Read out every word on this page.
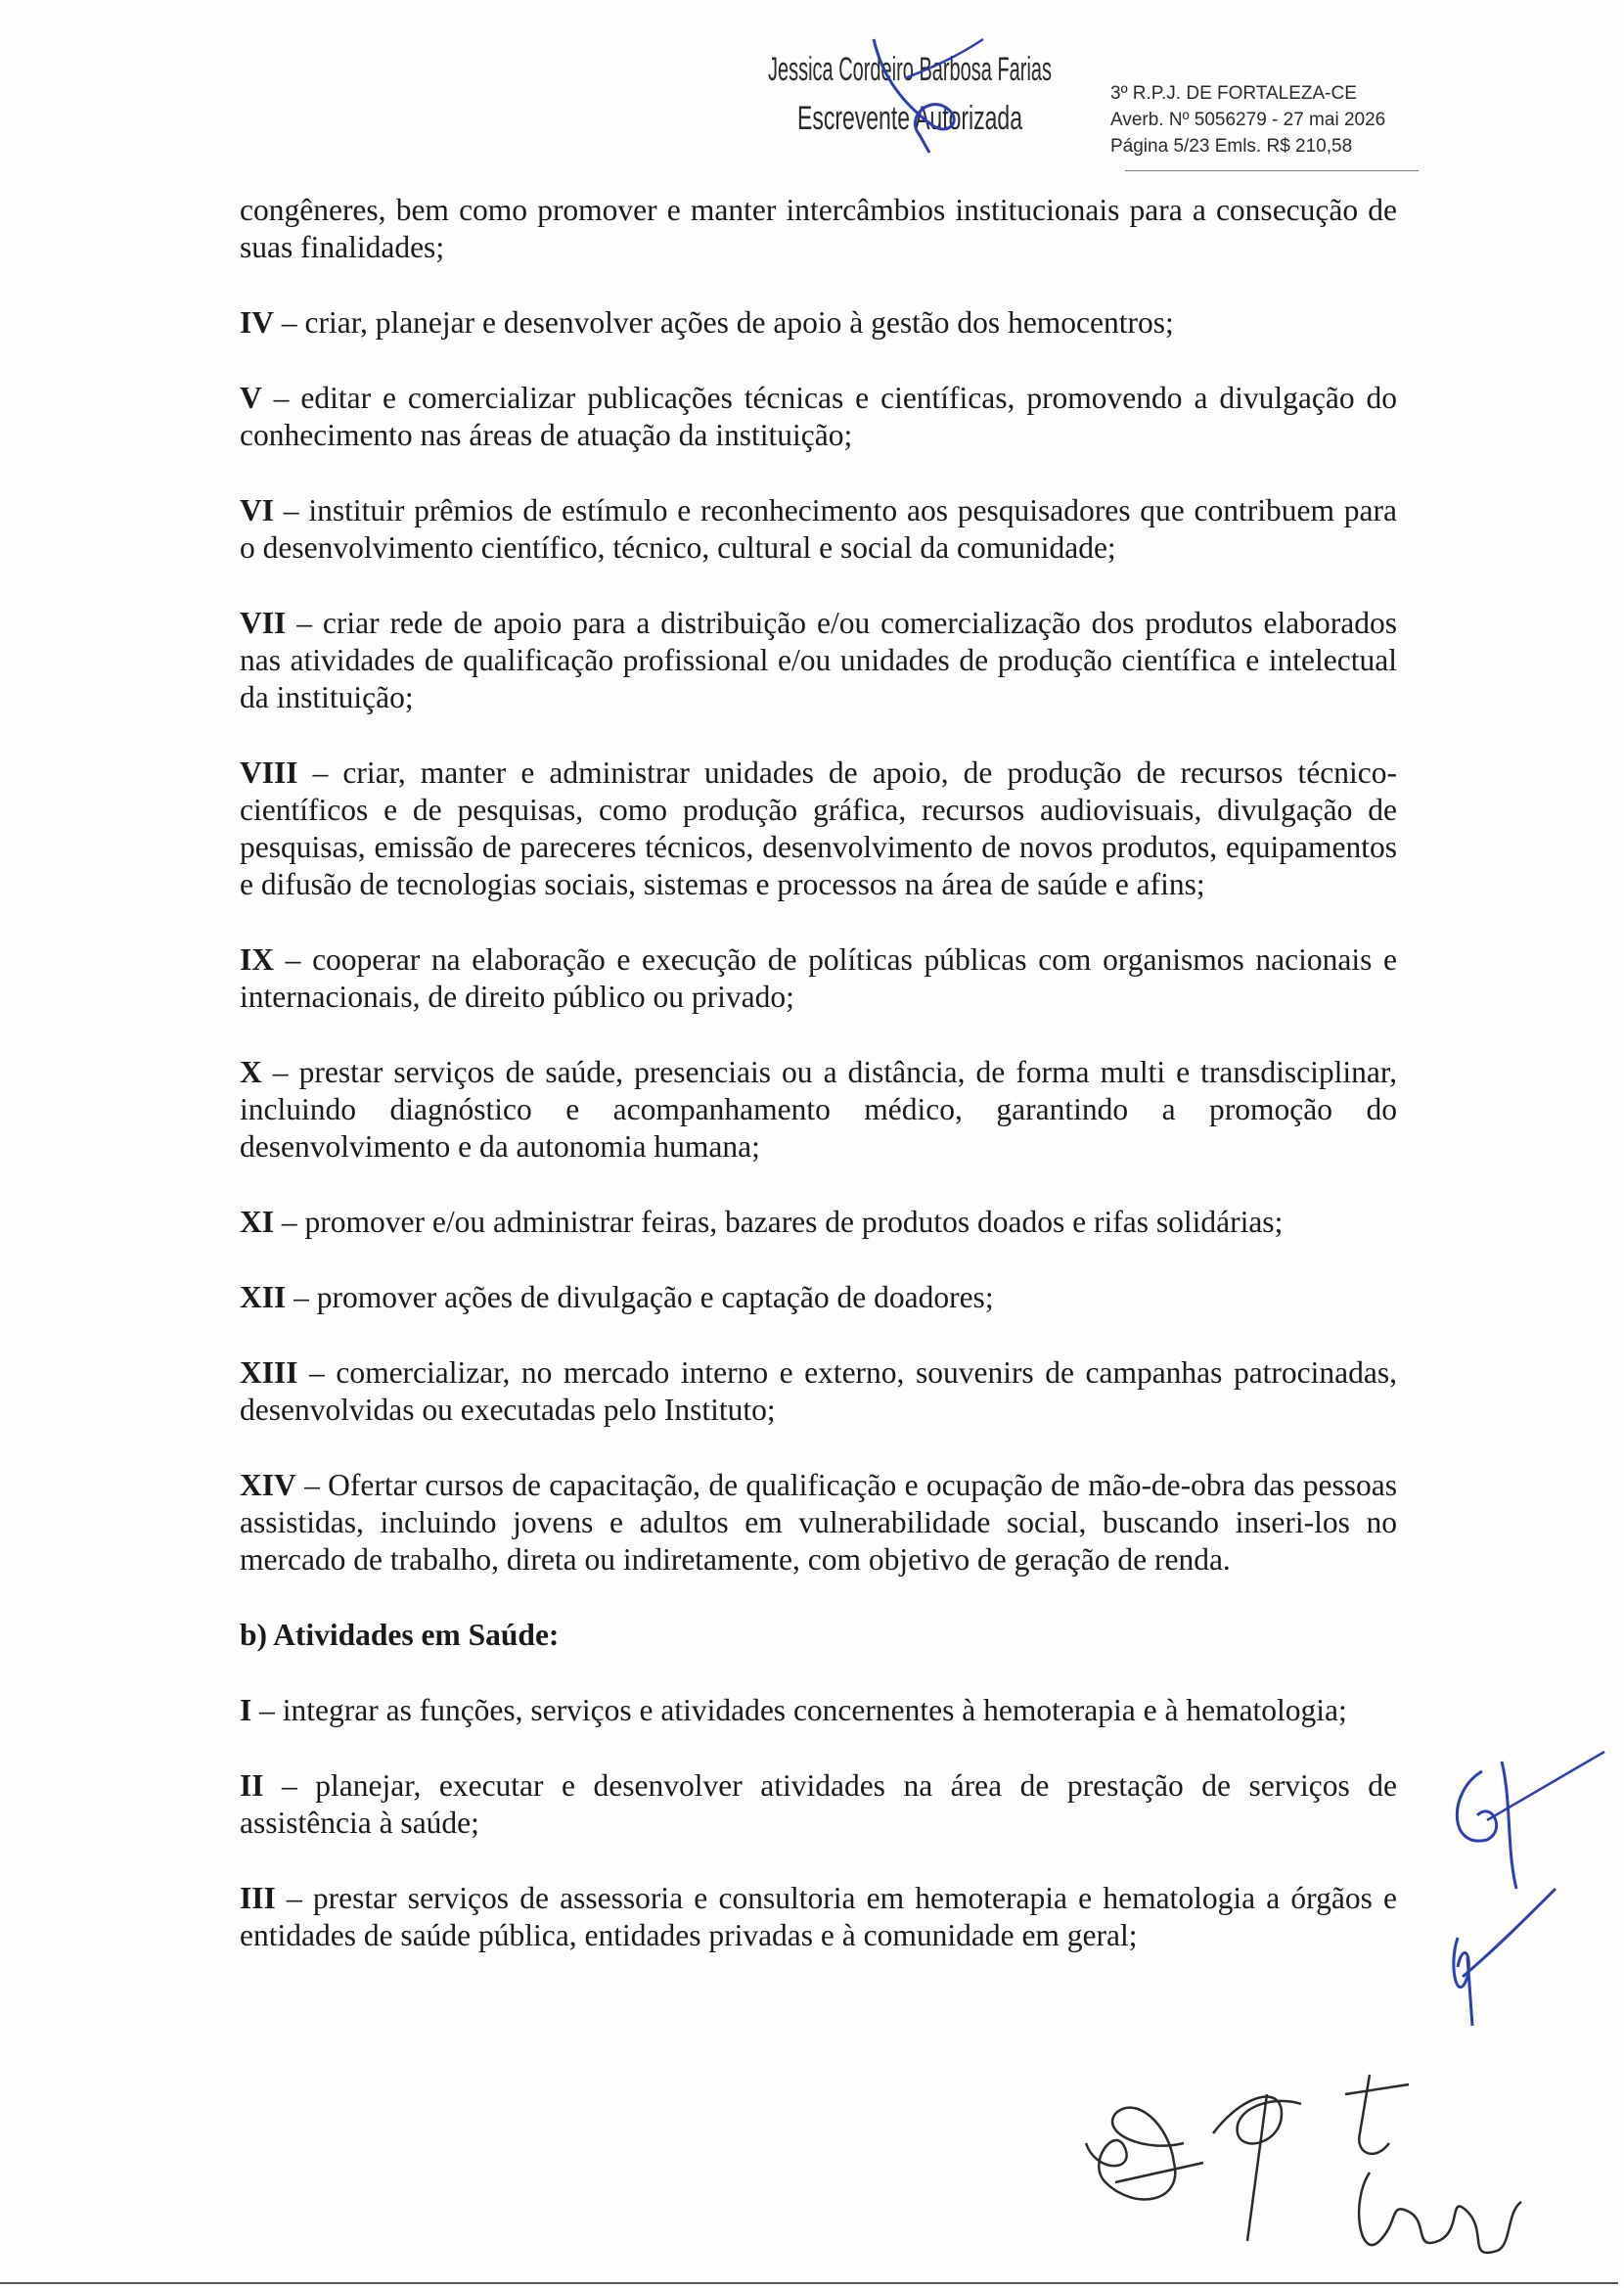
Jessica Cordeiro Barbosa Farias
Escrevente Autorizada
3º R.P.J. DE FORTALEZA-CE
Averb. Nº 5056279 - 27 mai 2026
Página 5/23 Emls. R$ 210,58

congêneres, bem como promover e manter intercâmbios institucionais para a consecução de suas finalidades;

IV – criar, planejar e desenvolver ações de apoio à gestão dos hemocentros;

V – editar e comercializar publicações técnicas e científicas, promovendo a divulgação do conhecimento nas áreas de atuação da instituição;

VI – instituir prêmios de estímulo e reconhecimento aos pesquisadores que contribuem para o desenvolvimento científico, técnico, cultural e social da comunidade;

VII – criar rede de apoio para a distribuição e/ou comercialização dos produtos elaborados nas atividades de qualificação profissional e/ou unidades de produção científica e intelectual da instituição;

VIII – criar, manter e administrar unidades de apoio, de produção de recursos técnico-científicos e de pesquisas, como produção gráfica, recursos audiovisuais, divulgação de pesquisas, emissão de pareceres técnicos, desenvolvimento de novos produtos, equipamentos e difusão de tecnologias sociais, sistemas e processos na área de saúde e afins;

IX – cooperar na elaboração e execução de políticas públicas com organismos nacionais e internacionais, de direito público ou privado;

X – prestar serviços de saúde, presenciais ou a distância, de forma multi e transdisciplinar, incluindo diagnóstico e acompanhamento médico, garantindo a promoção do desenvolvimento e da autonomia humana;

XI – promover e/ou administrar feiras, bazares de produtos doados e rifas solidárias;

XII – promover ações de divulgação e captação de doadores;

XIII – comercializar, no mercado interno e externo, souvenirs de campanhas patrocinadas, desenvolvidas ou executadas pelo Instituto;

XIV – Ofertar cursos de capacitação, de qualificação e ocupação de mão-de-obra das pessoas assistidas, incluindo jovens e adultos em vulnerabilidade social, buscando inseri-los no mercado de trabalho, direta ou indiretamente, com objetivo de geração de renda.

b) Atividades em Saúde:

I – integrar as funções, serviços e atividades concernentes à hemoterapia e à hematologia;

II – planejar, executar e desenvolver atividades na área de prestação de serviços de assistência à saúde;

III – prestar serviços de assessoria e consultoria em hemoterapia e hematologia a órgãos e entidades de saúde pública, entidades privadas e à comunidade em geral;
